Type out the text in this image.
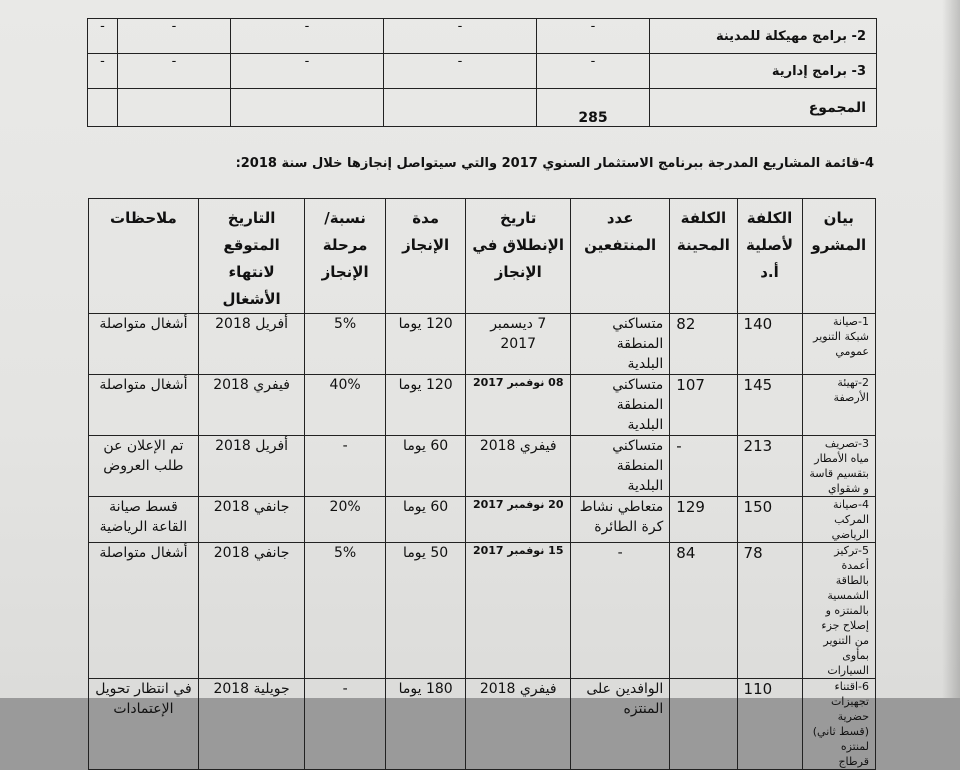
2- برامج مهيكلة للمدينة	-	-	-	-	-
3- برامج إدارية	-	-	-	-	-
المجموع	285				
4-قائمة المشاريع المدرجة ببرنامج الاستثمار السنوي 2017 والتي سيتواصل إنجازها خلال سنة 2018:
بيان المشرو	الكلفة لأصلية أ.د	الكلفة المحينة	عدد المنتفعين	تاريخ الإنطلاق في الإنجاز	مدة الإنجاز	نسبة/مرحلة الإنجاز	التاريخ المتوقع لانتهاء الأشغال	ملاحظات
1-صيانة شبكة التنوير عمومي	140	82	متساكني المنطقة البلدية	7 ديسمبر 2017	120 يوما	5%	أفريل 2018	أشغال متواصلة
2-تهيئة الأرصفة	145	107	متساكني المنطقة البلدية	08 نوفمبر 2017	120 يوما	40%	فيفري 2018	أشغال متواصلة
3-تصريف مياه الأمطار بتقسيم قاسة و شقواي	213	-	متساكني المنطقة البلدية	فيفري 2018	60 يوما	-	أفريل 2018	تم الإعلان عن طلب العروض
4-صيانة المركب الرياضي	150	129	متعاطي نشاط كرة الطائرة	20 نوفمبر 2017	60 يوما	20%	جانفي 2018	قسط صيانة القاعة الرياضية
5-تركيز أعمدة بالطاقة الشمسية بالمنتزه و إصلاح جزء من التنوير بمأوى السيارات	78	84	-	15 نوفمبر 2017	50 يوما	5%	جانفي 2018	أشغال متواصلة
6-اقتناء تجهيزات حضرية (قسط ثاني) لمنتزه قرطاج	110		الوافدين على المنتزه	فيفري 2018	180 يوما	-	جويلية 2018	في انتظار تحويل الإعتمادات
